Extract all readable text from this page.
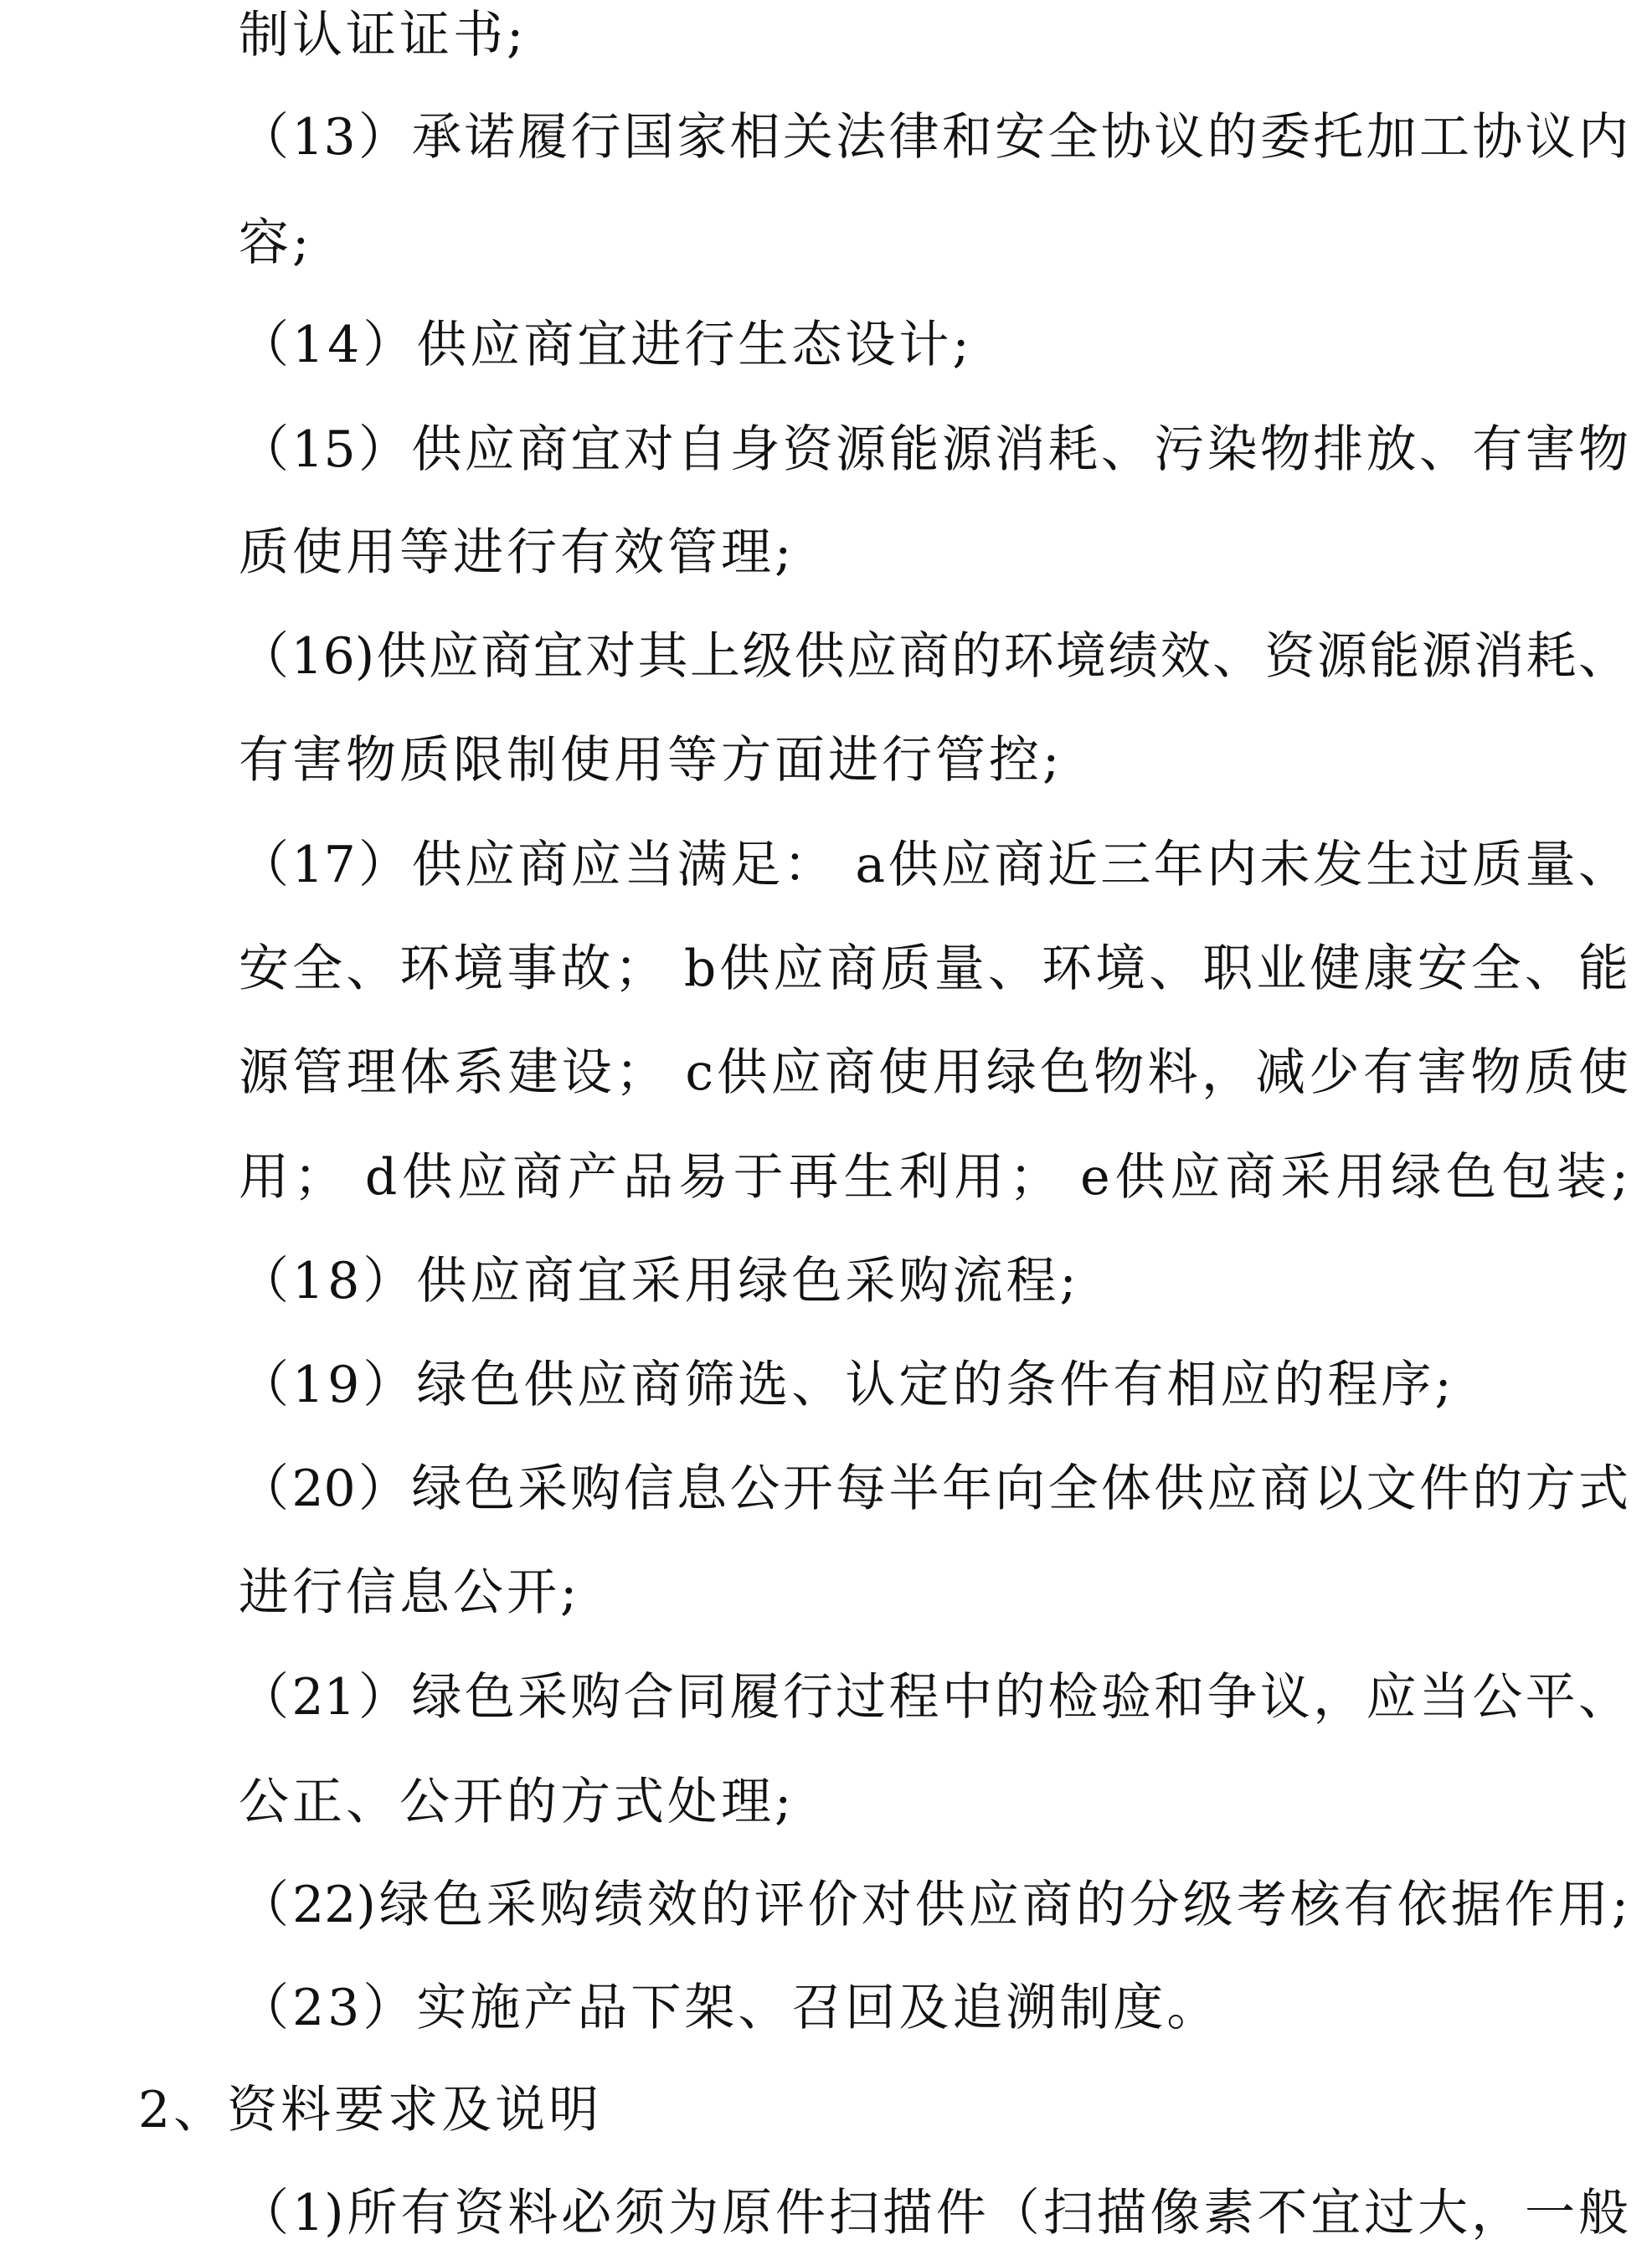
制认证证书;
（13）承诺履行国家相关法律和安全协议的委托加工协议内
容;
（14）供应商宜进行生态设计;
（15）供应商宜对自身资源能源消耗、污染物排放、有害物
质使用等进行有效管理;
（16)供应商宜对其上级供应商的环境绩效、资源能源消耗、
有害物质限制使用等方面进行管控;
（17）供应商应当满足： a供应商近三年内未发生过质量、
安全、环境事故； b供应商质量、环境、职业健康安全、能
源管理体系建设； c供应商使用绿色物料，减少有害物质使
用； d供应商产品易于再生利用； e供应商采用绿色包装;
（18）供应商宜采用绿色采购流程;
（19）绿色供应商筛选、认定的条件有相应的程序;
（20）绿色采购信息公开每半年向全体供应商以文件的方式
进行信息公开;
（21）绿色采购合同履行过程中的检验和争议，应当公平、
公正、公开的方式处理;
（22)绿色采购绩效的评价对供应商的分级考核有依据作用;
（23）实施产品下架、召回及追溯制度。
2、资料要求及说明
（1)所有资料必须为原件扫描件（扫描像素不宜过大，一般
